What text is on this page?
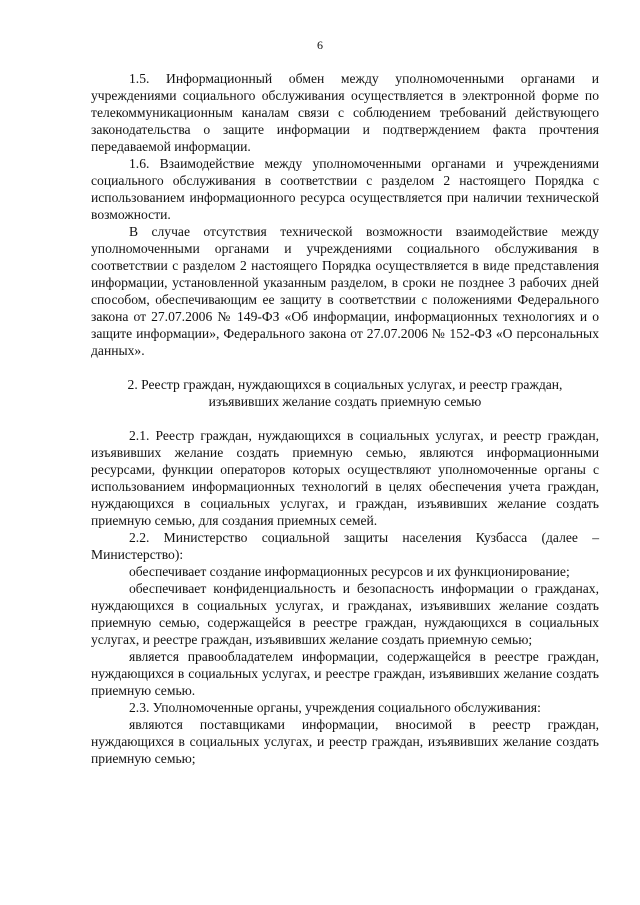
6

1.5. Информационный обмен между уполномоченными органами и учреждениями социального обслуживания осуществляется в электронной форме по телекоммуникационным каналам связи с соблюдением требований действующего законодательства о защите информации и подтверждением факта прочтения передаваемой информации.

1.6. Взаимодействие между уполномоченными органами и учреждениями социального обслуживания в соответствии с разделом 2 настоящего Порядка с использованием информационного ресурса осуществляется при наличии технической возможности.

В случае отсутствия технической возможности взаимодействие между уполномоченными органами и учреждениями социального обслуживания в соответствии с разделом 2 настоящего Порядка осуществляется в виде представления информации, установленной указанным разделом, в сроки не позднее 3 рабочих дней способом, обеспечивающим ее защиту в соответствии с положениями Федерального закона от 27.07.2006 № 149-ФЗ «Об информации, информационных технологиях и о защите информации», Федерального закона от 27.07.2006 № 152-ФЗ «О персональных данных».

2. Реестр граждан, нуждающихся в социальных услугах, и реестр граждан, изъявивших желание создать приемную семью

2.1. Реестр граждан, нуждающихся в социальных услугах, и реестр граждан, изъявивших желание создать приемную семью, являются информационными ресурсами, функции операторов которых осуществляют уполномоченные органы с использованием информационных технологий в целях обеспечения учета граждан, нуждающихся в социальных услугах, и граждан, изъявивших желание создать приемную семью, для создания приемных семей.

2.2. Министерство социальной защиты населения Кузбасса (далее – Министерство):

обеспечивает создание информационных ресурсов и их функционирование;

обеспечивает конфиденциальность и безопасность информации о гражданах, нуждающихся в социальных услугах, и гражданах, изъявивших желание создать приемную семью, содержащейся в реестре граждан, нуждающихся в социальных услугах, и реестре граждан, изъявивших желание создать приемную семью;

является правообладателем информации, содержащейся в реестре граждан, нуждающихся в социальных услугах, и реестре граждан, изъявивших желание создать приемную семью.

2.3. Уполномоченные органы, учреждения социального обслуживания:

являются поставщиками информации, вносимой в реестр граждан, нуждающихся в социальных услугах, и реестр граждан, изъявивших желание создать приемную семью;
